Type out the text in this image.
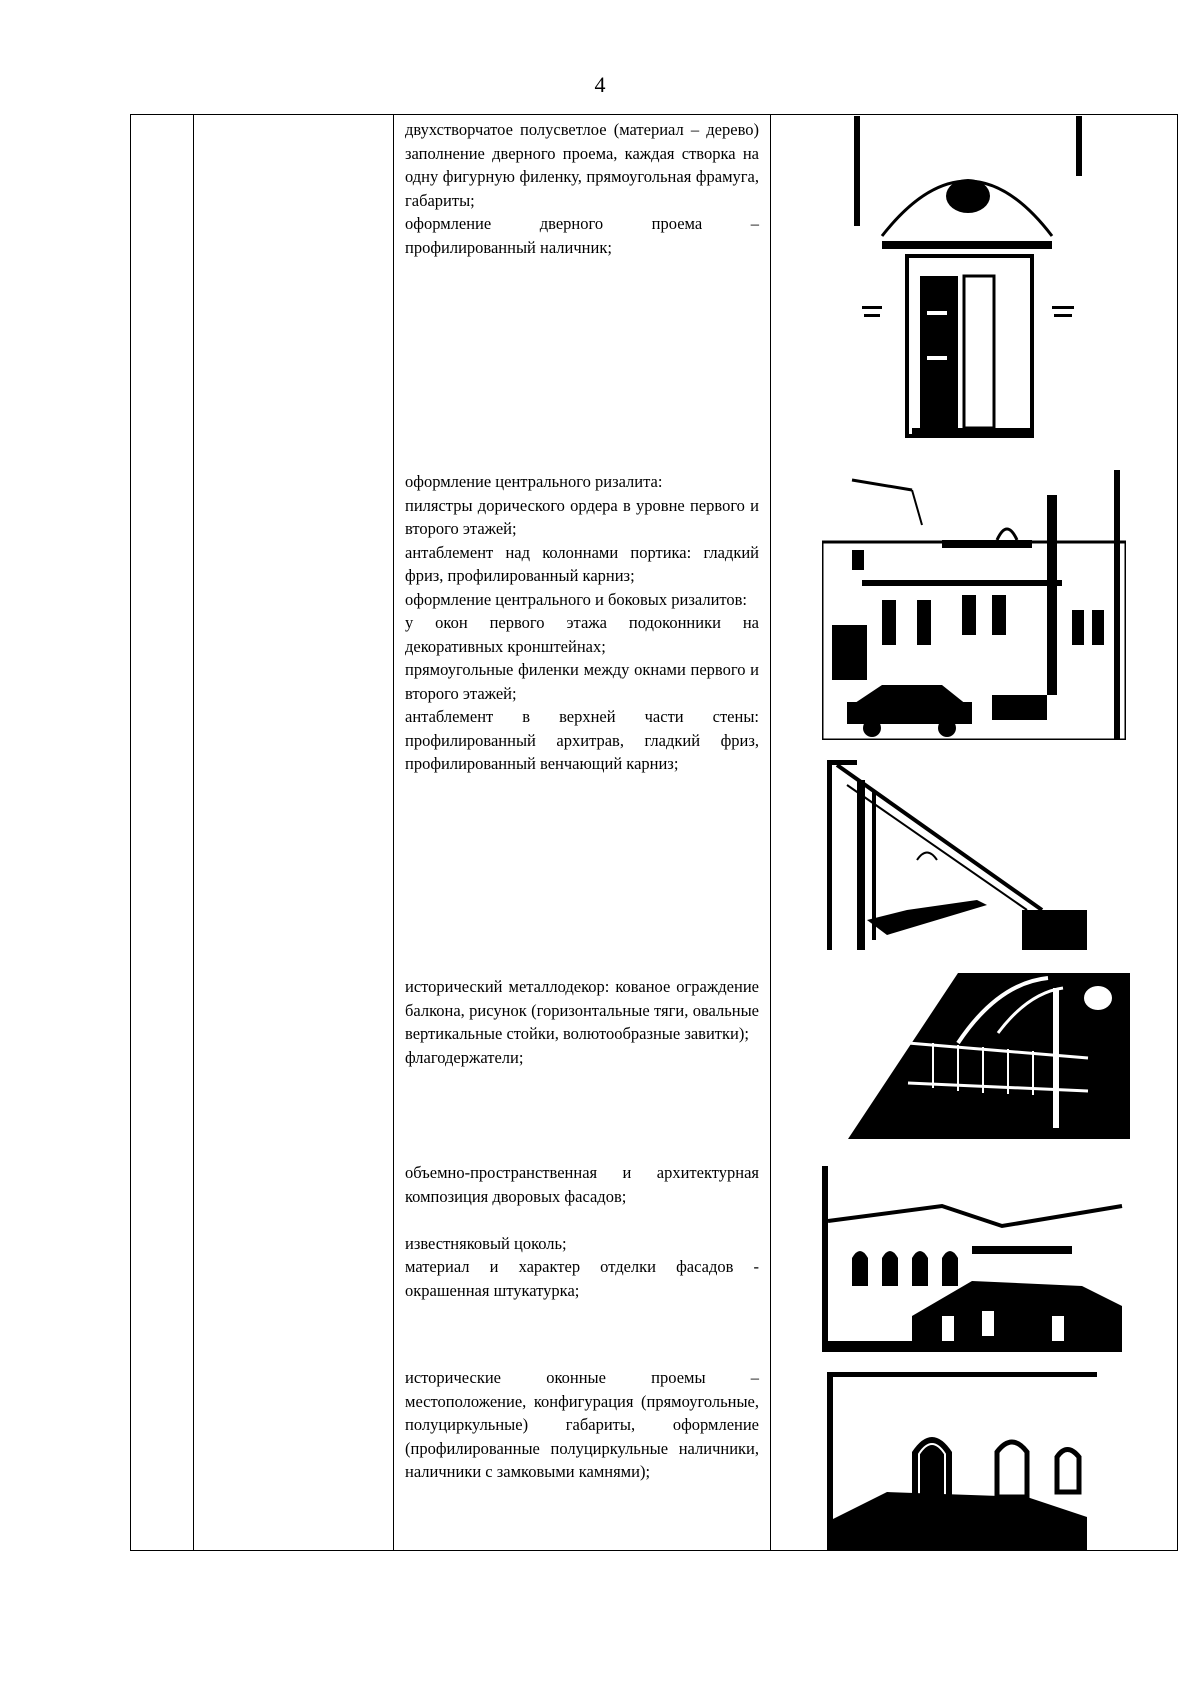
4

двухстворчатое полусветлое (материал – дерево) заполнение дверного проема, каждая створка на одну фигурную филенку, прямоугольная фрамуга, габариты;

оформление дверного проема – профилированный наличник;

оформление центрального ризалита:

пилястры дорического ордера в уровне первого и второго этажей;

антаблемент над колоннами портика: гладкий фриз, профилированный карниз;

оформление центрального и боковых ризалитов:

у окон первого этажа подоконники на декоративных кронштейнах;

прямоугольные филенки между окнами первого и второго этажей;

антаблемент в верхней части стены: профилированный архитрав, гладкий фриз, профилированный венчающий карниз;

исторический металлодекор: кованое ограждение балкона, рисунок (горизонтальные тяги, овальные вертикальные стойки, волютообразные завитки);

флагодержатели;

объемно-пространственная и архитектурная композиция дворовых фасадов;

известняковый цоколь;

материал и характер отделки фасадов - окрашенная штукатурка;

исторические оконные проемы – местоположение, конфигурация (прямоугольные, полуциркульные) габариты, оформление (профилированные полуциркульные наличники, наличники с замковыми камнями);
